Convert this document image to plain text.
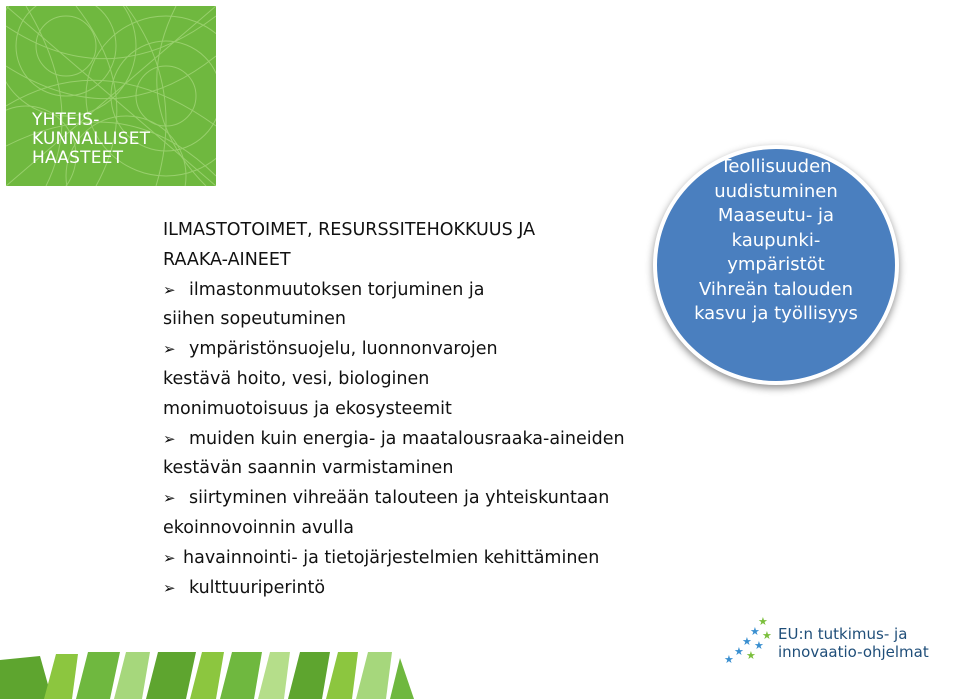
YHTEIS-
KUNNALLISET
HAASTEET
ILMASTOTOIMET, RESURSSITEHOKKUUS JA
RAAKA-AINEET
➢ ilmastonmuutoksen torjuminen ja
siihen sopeutuminen
➢ ympäristönsuojelu, luonnonvarojen
kestävä hoito, vesi, biologinen
monimuotoisuus ja ekosysteemit
➢ muiden kuin energia- ja maatalousraaka-aineiden
kestävän saannin varmistaminen
➢ siirtyminen vihreään talouteen ja yhteiskuntaan
ekoinnovoinnin avulla
➢ havainnointi- ja tietojärjestelmien kehittäminen
➢ kulttuuriperintö
Teollisuuden
uudistuminen
Maaseutu- ja
kaupunki-
ympäristöt
Vihreän talouden
kasvu ja työllisyys
★
★ ★
★ ★
★ ★
★
EU:n tutkimus- ja
innovaatio-ohjelmat
